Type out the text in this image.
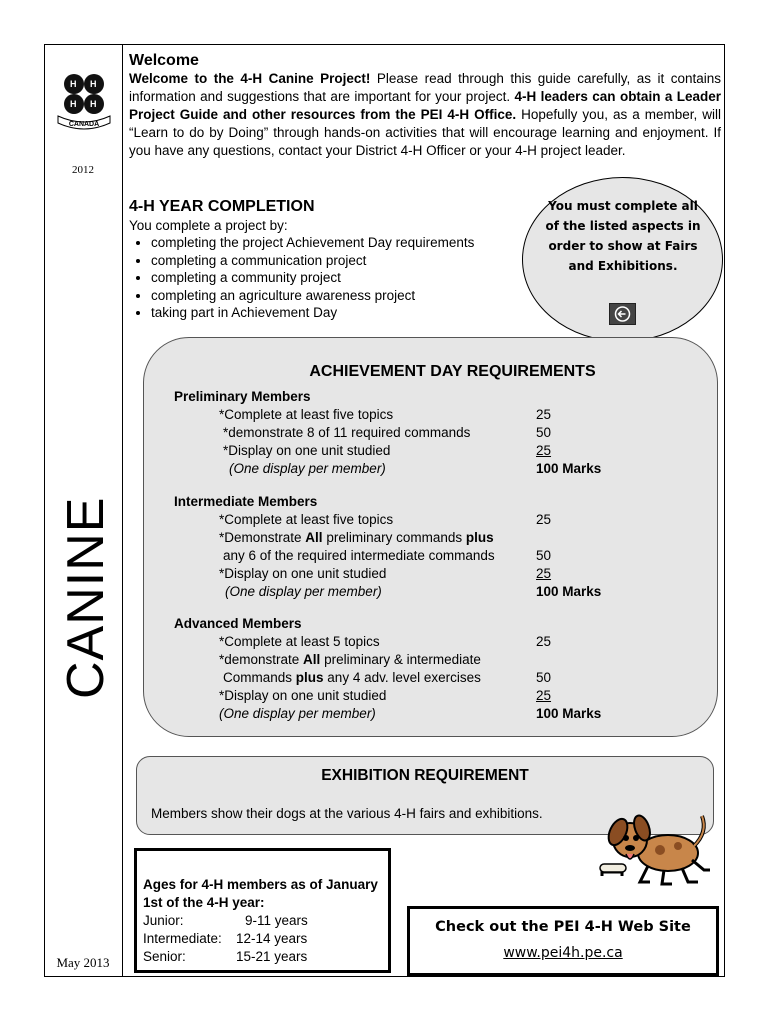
H H
H H
CANADA
2012
CANINE
May 2013

Welcome

Welcome to the 4-H Canine Project! Please read through this guide carefully, as it contains information and suggestions that are important for your project. 4-H leaders can obtain a Leader Project Guide and other resources from the PEI 4-H Office. Hopefully you, as a member, will “Learn to do by Doing” through hands-on activities that will encourage learning and enjoyment. If you have any questions, contact your District 4-H Officer or your 4-H project leader.

4-H YEAR COMPLETION

You complete a project by:

• completing the project Achievement Day requirements
• completing a communication project
• completing a community project
• completing an agriculture awareness project
• taking part in Achievement Day
You must complete all of the listed aspects in order to show at Fairs and Exhibitions.
ACHIEVEMENT DAY REQUIREMENTS
Preliminary Members
*Complete at least five topics	25
*demonstrate 8 of 11 required commands	50
*Display on one unit studied	25
(One display per member)	100 Marks
Intermediate Members
*Complete at least five topics	25
*Demonstrate All preliminary commands plus
any 6 of the required intermediate commands	50
*Display on one unit studied	25
(One display per member)	100 Marks
Advanced Members
*Complete at least 5 topics	25
*demonstrate All preliminary & intermediate
Commands plus any 4 adv. level exercises	50
*Display on one unit studied	25
(One display per member)	100 Marks
EXHIBITION REQUIREMENT

Members show their dogs at the various 4-H fairs and exhibitions.

Ages for 4-H members as of January 1st of the 4-H year:
Junior:	9-11 years
Intermediate: 12-14 years
Senior:	15-21 years
Check out the PEI 4-H Web Site
www.pei4h.pe.ca
